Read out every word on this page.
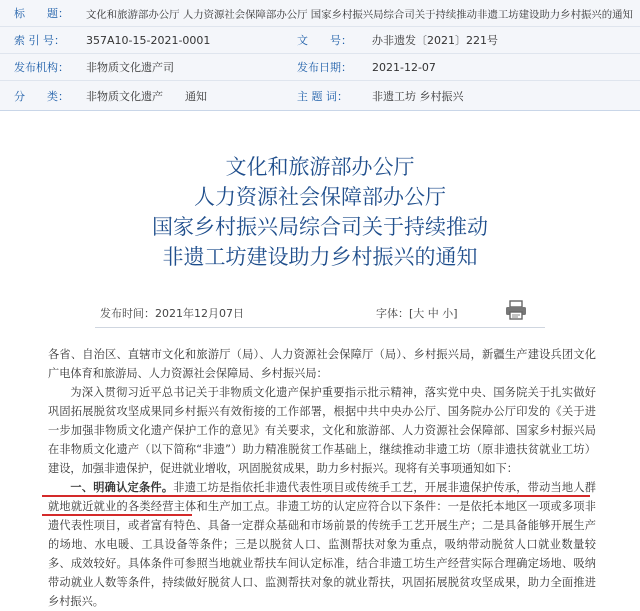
标　　题：	文化和旅游部办公厅 人力资源社会保障部办公厅 国家乡村振兴局综合司关于持续推动非遗工坊建设助力乡村振兴的通知
索 引 号：	357A10-15-2021-0001	文　　号：	办非遗发〔2021〕221号
发布机构：	非物质文化遗产司	发布日期：	2021-12-07
分　　类：	非物质文化遗产　　通知	主 题 词：	非遗工坊 乡村振兴
文化和旅游部办公厅
人力资源社会保障部办公厅
国家乡村振兴局综合司关于持续推动
非遗工坊建设助力乡村振兴的通知
发布时间：2021年12月07日	字体：[大 中 小]

各省、自治区、直辖市文化和旅游厅（局）、人力资源社会保障厅（局）、乡村振兴局，新疆生产建设兵团文化广电体育和旅游局、人力资源社会保障局、乡村振兴局：

为深入贯彻习近平总书记关于非物质文化遗产保护重要指示批示精神，落实党中央、国务院关于扎实做好巩固拓展脱贫攻坚成果同乡村振兴有效衔接的工作部署，根据中共中央办公厅、国务院办公厅印发的《关于进一步加强非物质文化遗产保护工作的意见》有关要求，文化和旅游部、人力资源社会保障部、国家乡村振兴局在非物质文化遗产（以下简称“非遗”）助力精准脱贫工作基础上，继续推动非遗工坊（原非遗扶贫就业工坊）建设，加强非遗保护，促进就业增收，巩固脱贫成果，助力乡村振兴。现将有关事项通知如下：

一、明确认定条件。非遗工坊是指依托非遗代表性项目或传统手工艺，开展非遗保护传承，带动当地人群就地就近就业的各类经营主体和生产加工点。非遗工坊的认定应符合以下条件：一是依托本地区一项或多项非遗代表性项目，或者富有特色、具备一定群众基础和市场前景的传统手工艺开展生产；二是具备能够开展生产的场地、水电暖、工具设备等条件；三是以脱贫人口、监测帮扶对象为重点，吸纳带动脱贫人口就业数量较多、成效较好。具体条件可参照当地就业帮扶车间认定标准，结合非遗工坊生产经营实际合理确定场地、吸纳带动就业人数等条件，持续做好脱贫人口、监测帮扶对象的就业帮扶，巩固拓展脱贫攻坚成果，助力全面推进乡村振兴。
